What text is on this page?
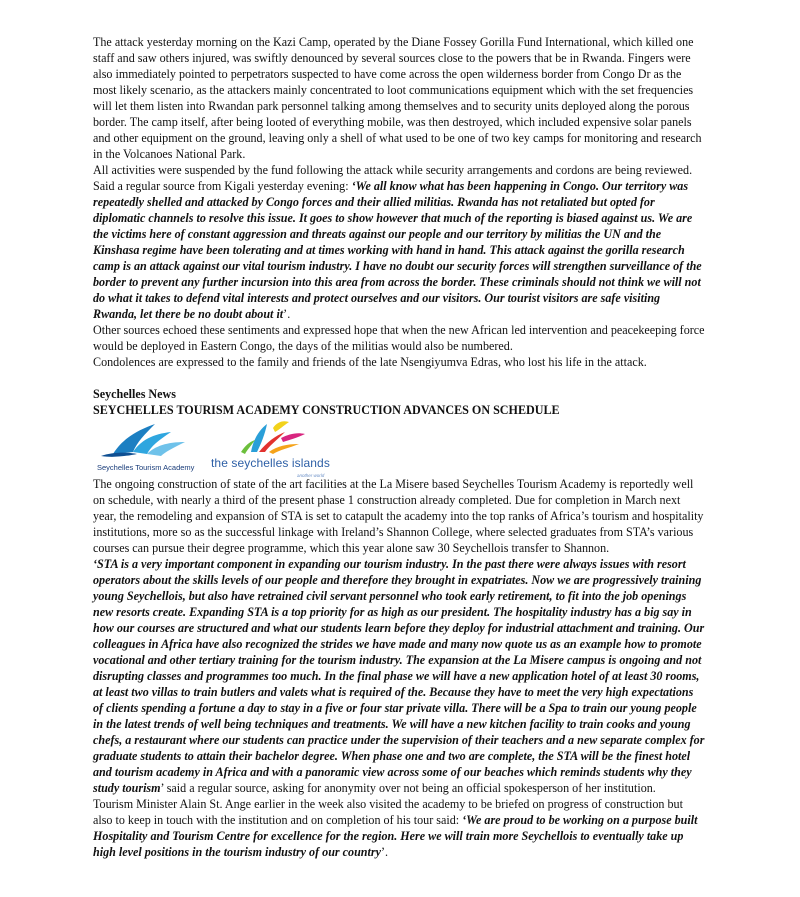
The attack yesterday morning on the Kazi Camp, operated by the Diane Fossey Gorilla Fund International, which killed one staff and saw others injured, was swiftly denounced by several sources close to the powers that be in Rwanda. Fingers were also immediately pointed to perpetrators suspected to have come across the open wilderness border from Congo Dr as the most likely scenario, as the attackers mainly concentrated to loot communications equipment which with the set frequencies will let them listen into Rwandan park personnel talking among themselves and to security units deployed along the porous border. The camp itself, after being looted of everything mobile, was then destroyed, which included expensive solar panels and other equipment on the ground, leaving only a shell of what used to be one of two key camps for monitoring and research in the Volcanoes National Park.

All activities were suspended by the fund following the attack while security arrangements and cordons are being reviewed. Said a regular source from Kigali yesterday evening: ‘We all know what has been happening in Congo. Our territory was repeatedly shelled and attacked by Congo forces and their allied militias. Rwanda has not retaliated but opted for diplomatic channels to resolve this issue. It goes to show however that much of the reporting is biased against us. We are the victims here of constant aggression and threats against our people and our territory by militias the UN and the Kinshasa regime have been tolerating and at times working with hand in hand. This attack against the gorilla research camp is an attack against our vital tourism industry. I have no doubt our security forces will strengthen surveillance of the border to prevent any further incursion into this area from across the border. These criminals should not think we will not do what it takes to defend vital interests and protect ourselves and our visitors. Our tourist visitors are safe visiting Rwanda, let there be no doubt about it’.

Other sources echoed these sentiments and expressed hope that when the new African led intervention and peacekeeping force would be deployed in Eastern Congo, the days of the militias would also be numbered.

Condolences are expressed to the family and friends of the late Nsengiyumva Edras, who lost his life in the attack.

Seychelles News

SEYCHELLES TOURISM ACADEMY CONSTRUCTION ADVANCES ON SCHEDULE

Seychelles Tourism Academy the seychelles islands
another world

The ongoing construction of state of the art facilities at the La Misere based Seychelles Tourism Academy is reportedly well on schedule, with nearly a third of the present phase 1 construction already completed. Due for completion in March next year, the remodeling and expansion of STA is set to catapult the academy into the top ranks of Africa’s tourism and hospitality institutions, more so as the successful linkage with Ireland’s Shannon College, where selected graduates from STA’s various courses can pursue their degree programme, which this year alone saw 30 Seychellois transfer to Shannon.

‘STA is a very important component in expanding our tourism industry. In the past there were always issues with resort operators about the skills levels of our people and therefore they brought in expatriates. Now we are progressively training young Seychellois, but also have retrained civil servant personnel who took early retirement, to fit into the job openings new resorts create. Expanding STA is a top priority for as high as our president. The hospitality industry has a big say in how our courses are structured and what our students learn before they deploy for industrial attachment and training. Our colleagues in Africa have also recognized the strides we have made and many now quote us as an example how to promote vocational and other tertiary training for the tourism industry. The expansion at the La Misere campus is ongoing and not disrupting classes and programmes too much. In the final phase we will have a new application hotel of at least 30 rooms, at least two villas to train butlers and valets what is required of the. Because they have to meet the very high expectations of clients spending a fortune a day to stay in a five or four star private villa. There will be a Spa to train our young people in the latest trends of well being techniques and treatments. We will have a new kitchen facility to train cooks and young chefs, a restaurant where our students can practice under the supervision of their teachers and a new separate complex for graduate students to attain their bachelor degree. When phase one and two are complete, the STA will be the finest hotel and tourism academy in Africa and with a panoramic view across some of our beaches which reminds students why they study tourism’ said a regular source, asking for anonymity over not being an official spokesperson of her institution.

Tourism Minister Alain St. Ange earlier in the week also visited the academy to be briefed on progress of construction but also to keep in touch with the institution and on completion of his tour said: ‘We are proud to be working on a purpose built Hospitality and Tourism Centre for excellence for the region. Here we will train more Seychellois to eventually take up high level positions in the tourism industry of our country’.
